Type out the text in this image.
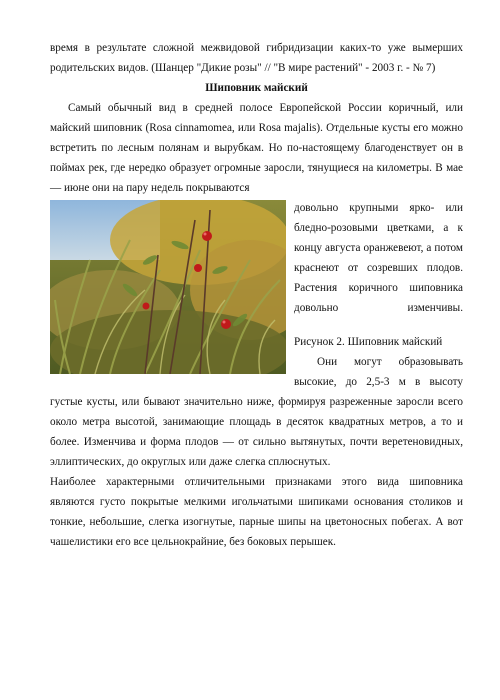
время в результате сложной межвидовой гибридизации каких-то уже вымерших родительских видов. (Шанцер "Дикие розы" // "В мире растений" - 2003 г. - № 7)

Шиповник майский

Самый обычный вид в средней полосе Европейской России коричный, или майский шиповник (Rosa cinnamomea, или Rosa majalis). Отдельные кусты его можно встретить по лесным полянам и вырубкам. Но по-настоящему благоденствует он в поймах рек, где нередко образует огромные заросли, тянущиеся на километры. В мае — июне они на пару недель покрываются

довольно крупными ярко- или бледно-розовыми цветками, а к концу августа оранжевеют, а потом краснеют от созревших плодов. Растения коричного шиповника довольно изменчивы.

Рисунок 2. Шиповник майский

Они могут образовывать высокие, до 2,5-3 м в высоту густые кусты, или бывают значительно ниже, формируя разреженные заросли всего около метра высотой, занимающие площадь в десяток квадратных метров, а то и более. Изменчива и форма плодов — от сильно вытянутых, почти веретеновидных, эллиптических, до округлых или даже слегка сплюснутых.

Наиболее характерными отличительными признаками этого вида шиповника являются густо покрытые мелкими игольчатыми шипиками основания столиков и тонкие, небольшие, слегка изогнутые, парные шипы на цветоносных побегах. А вот чашелистики его все цельнокрайние, без боковых перышек.
